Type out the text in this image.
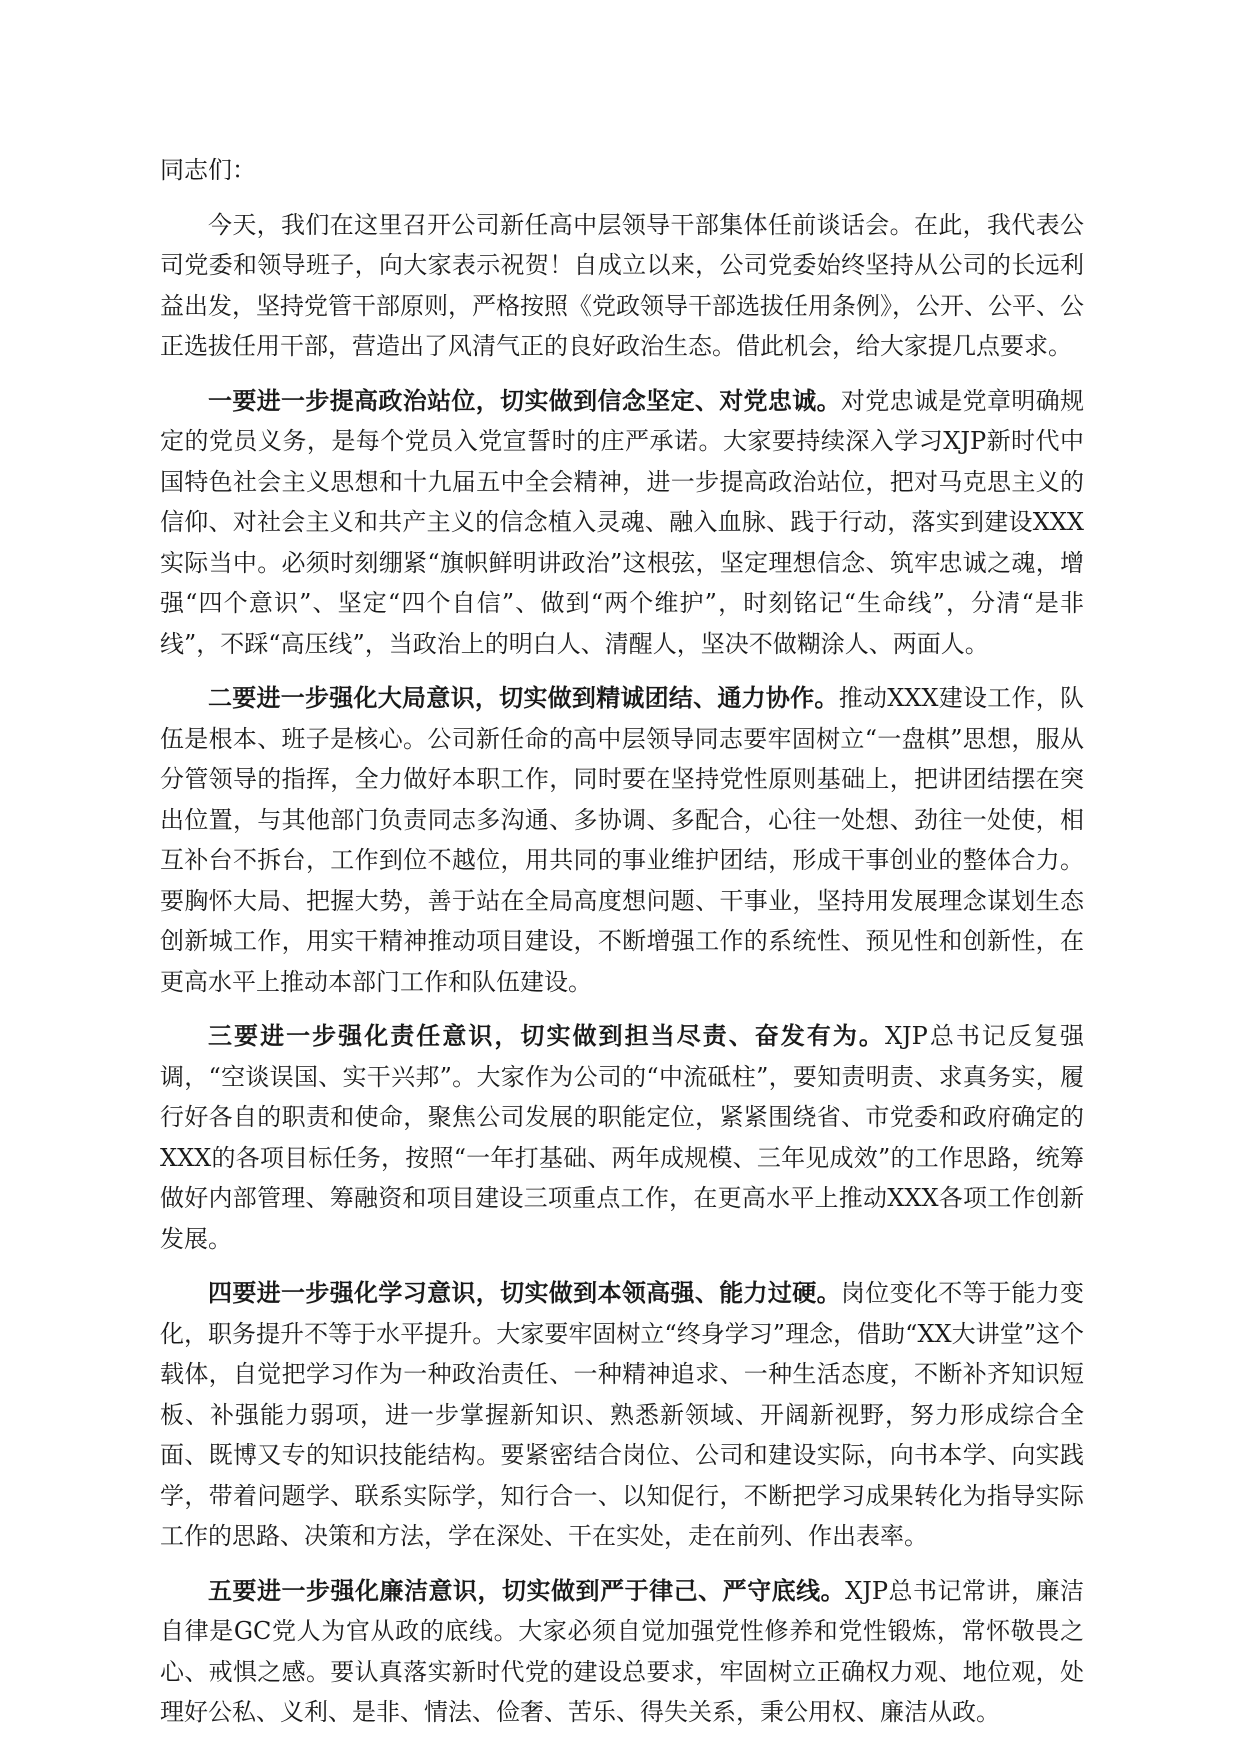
同志们：

今天，我们在这里召开公司新任高中层领导干部集体任前谈话会。在此，我代表公司党委和领导班子，向大家表示祝贺！自成立以来，公司党委始终坚持从公司的长远利益出发，坚持党管干部原则，严格按照《党政领导干部选拔任用条例》，公开、公平、公正选拔任用干部，营造出了风清气正的良好政治生态。借此机会，给大家提几点要求。

一要进一步提高政治站位，切实做到信念坚定、对党忠诚。对党忠诚是党章明确规定的党员义务，是每个党员入党宣誓时的庄严承诺。大家要持续深入学习XJP新时代中国特色社会主义思想和十九届五中全会精神，进一步提高政治站位，把对马克思主义的信仰、对社会主义和共产主义的信念植入灵魂、融入血脉、践于行动，落实到建设XXX实际当中。必须时刻绷紧“旗帜鲜明讲政治”这根弦，坚定理想信念、筑牢忠诚之魂，增强“四个意识”、坚定“四个自信”、做到“两个维护”，时刻铭记“生命线”，分清“是非线”，不踩“高压线”，当政治上的明白人、清醒人，坚决不做糊涂人、两面人。

二要进一步强化大局意识，切实做到精诚团结、通力协作。推动XXX建设工作，队伍是根本、班子是核心。公司新任命的高中层领导同志要牢固树立“一盘棋”思想，服从分管领导的指挥，全力做好本职工作，同时要在坚持党性原则基础上，把讲团结摆在突出位置，与其他部门负责同志多沟通、多协调、多配合，心往一处想、劲往一处使，相互补台不拆台，工作到位不越位，用共同的事业维护团结，形成干事创业的整体合力。要胸怀大局、把握大势，善于站在全局高度想问题、干事业，坚持用发展理念谋划生态创新城工作，用实干精神推动项目建设，不断增强工作的系统性、预见性和创新性，在更高水平上推动本部门工作和队伍建设。

三要进一步强化责任意识，切实做到担当尽责、奋发有为。XJP总书记反复强调，“空谈误国、实干兴邦”。大家作为公司的“中流砥柱”，要知责明责、求真务实，履行好各自的职责和使命，聚焦公司发展的职能定位，紧紧围绕省、市党委和政府确定的XXX的各项目标任务，按照“一年打基础、两年成规模、三年见成效”的工作思路，统筹做好内部管理、筹融资和项目建设三项重点工作，在更高水平上推动XXX各项工作创新发展。

四要进一步强化学习意识，切实做到本领高强、能力过硬。岗位变化不等于能力变化，职务提升不等于水平提升。大家要牢固树立“终身学习”理念，借助“XX大讲堂”这个载体，自觉把学习作为一种政治责任、一种精神追求、一种生活态度，不断补齐知识短板、补强能力弱项，进一步掌握新知识、熟悉新领域、开阔新视野，努力形成综合全面、既博又专的知识技能结构。要紧密结合岗位、公司和建设实际，向书本学、向实践学，带着问题学、联系实际学，知行合一、以知促行，不断把学习成果转化为指导实际工作的思路、决策和方法，学在深处、干在实处，走在前列、作出表率。

五要进一步强化廉洁意识，切实做到严于律己、严守底线。XJP总书记常讲，廉洁自律是GC党人为官从政的底线。大家必须自觉加强党性修养和党性锻炼，常怀敬畏之心、戒惧之感。要认真落实新时代党的建设总要求，牢固树立正确权力观、地位观，处理好公私、义利、是非、情法、俭奢、苦乐、得失关系，秉公用权、廉洁从政。
